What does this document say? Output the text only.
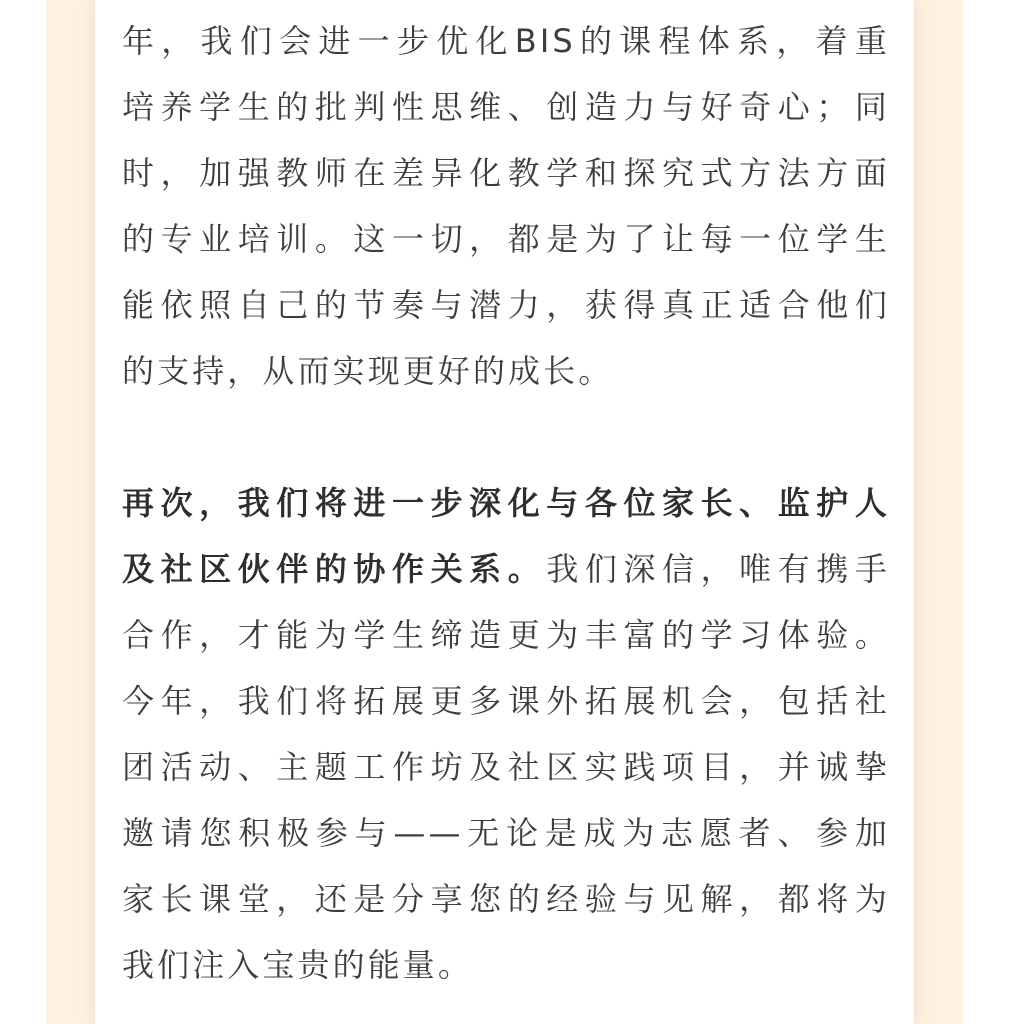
年，我们会进一步优化BIS的课程体系，着重
培养学生的批判性思维、创造力与好奇心；同
时，加强教师在差异化教学和探究式方法方面
的专业培训。这一切，都是为了让每一位学生
能依照自己的节奏与潜力，获得真正适合他们
的支持，从而实现更好的成长。
再次，我们将进一步深化与各位家长、监护人
及社区伙伴的协作关系。我们深信，唯有携手
合作，才能为学生缔造更为丰富的学习体验。
今年，我们将拓展更多课外拓展机会，包括社
团活动、主题工作坊及社区实践项目，并诚挚
邀请您积极参与——无论是成为志愿者、参加
家长课堂，还是分享您的经验与见解，都将为
我们注入宝贵的能量。
